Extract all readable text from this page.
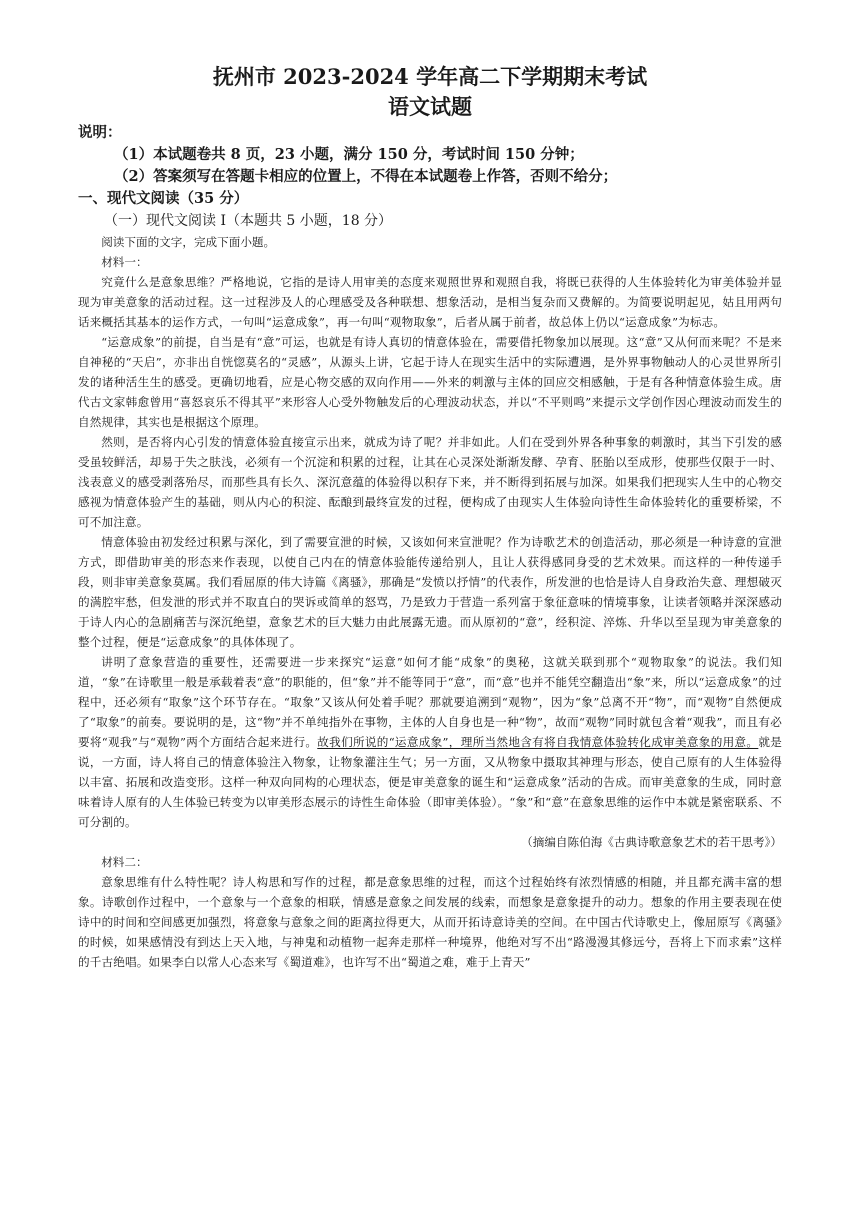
抚州市 2023-2024 学年高二下学期期末考试
语文试题

说明：

（1）本试题卷共 8 页，23 小题，满分 150 分，考试时间 150 分钟；

（2）答案须写在答题卡相应的位置上，不得在本试题卷上作答，否则不给分；

一、现代文阅读（35 分）

（一）现代文阅读 I（本题共 5 小题，18 分）

阅读下面的文字，完成下面小题。

材料一：

究竟什么是意象思维？严格地说，它指的是诗人用审美的态度来观照世界和观照自我，将既已获得的人生体验转化为审美体验并显现为审美意象的活动过程。这一过程涉及人的心理感受及各种联想、想象活动，是相当复杂而又费解的。为简要说明起见，姑且用两句话来概括其基本的运作方式，一句叫“运意成象”，再一句叫“观物取象”，后者从属于前者，故总体上仍以“运意成象”为标志。

“运意成象”的前提，自当是有“意”可运，也就是有诗人真切的情意体验在，需要借托物象加以展现。这“意”又从何而来呢？不是来自神秘的“天启”，亦非出自恍惚莫名的“灵感”，从源头上讲，它起于诗人在现实生活中的实际遭遇，是外界事物触动人的心灵世界所引发的诸种活生生的感受。更确切地看，应是心物交感的双向作用——外来的刺激与主体的回应交相感触，于是有各种情意体验生成。唐代古文家韩愈曾用“喜怒哀乐不得其平”来形容人心受外物触发后的心理波动状态，并以“不平则鸣”来提示文学创作因心理波动而发生的自然规律，其实也是根据这个原理。

然则，是否将内心引发的情意体验直接宣示出来，就成为诗了呢？并非如此。人们在受到外界各种事象的刺激时，其当下引发的感受虽较鲜活，却易于失之肤浅，必须有一个沉淀和积累的过程，让其在心灵深处渐渐发酵、孕育、胚胎以至成形，使那些仅限于一时、浅表意义的感受剥落殆尽，而那些具有长久、深沉意蕴的体验得以积存下来，并不断得到拓展与加深。如果我们把现实人生中的心物交感视为情意体验产生的基础，则从内心的积淀、酝酿到最终宣发的过程，便构成了由现实人生体验向诗性生命体验转化的重要桥梁，不可不加注意。

情意体验由初发经过积累与深化，到了需要宣泄的时候，又该如何来宣泄呢？作为诗歌艺术的创造活动，那必须是一种诗意的宣泄方式，即借助审美的形态来作表现，以使自己内在的情意体验能传递给别人，且让人获得感同身受的艺术效果。而这样的一种传递手段，则非审美意象莫属。我们看屈原的伟大诗篇《离骚》，那确是“发愤以抒情”的代表作，所发泄的也恰是诗人自身政治失意、理想破灭的满腔牢愁，但发泄的形式并不取直白的哭诉或简单的怒骂，乃是致力于营造一系列富于象征意味的情境事象，让读者领略并深深感动于诗人内心的急剧痛苦与深沉绝望，意象艺术的巨大魅力由此展露无遗。而从原初的“意”，经积淀、淬炼、升华以至呈现为审美意象的整个过程，便是“运意成象”的具体体现了。

讲明了意象营造的重要性，还需要进一步来探究“运意”如何才能“成象”的奥秘，这就关联到那个“观物取象”的说法。我们知道，“象”在诗歌里一般是承载着表“意”的职能的，但“象”并不能等同于“意”，而“意”也并不能凭空翻造出“象”来，所以“运意成象”的过程中，还必须有“取象”这个环节存在。“取象”又该从何处着手呢？那就要追溯到“观物”，因为“象”总离不开“物”，而“观物”自然便成了“取象”的前奏。要说明的是，这“物”并不单纯指外在事物，主体的人自身也是一种“物”，故而“观物”同时就包含着“观我”，而且有必要将“观我”与“观物”两个方面结合起来进行。故我们所说的“运意成象”，理所当然地含有将自我情意体验转化成审美意象的用意。就是说，一方面，诗人将自己的情意体验注入物象，让物象灌注生气；另一方面，又从物象中摄取其神理与形态，使自己原有的人生体验得以丰富、拓展和改造变形。这样一种双向同构的心理状态，便是审美意象的诞生和“运意成象”活动的告成。而审美意象的生成，同时意味着诗人原有的人生体验已转变为以审美形态展示的诗性生命体验（即审美体验）。“象”和“意”在意象思维的运作中本就是紧密联系、不可分割的。

（摘编自陈伯海《古典诗歌意象艺术的若干思考》）

材料二：

意象思维有什么特性呢？诗人构思和写作的过程，都是意象思维的过程，而这个过程始终有浓烈情感的相随，并且都充满丰富的想象。诗歌创作过程中，一个意象与一个意象的相联，情感是意象之间发展的线索，而想象是意象提升的动力。想象的作用主要表现在使诗中的时间和空间感更加强烈，将意象与意象之间的距离拉得更大，从而开拓诗意诗美的空间。在中国古代诗歌史上，像屈原写《离骚》的时候，如果感情没有到达上天入地，与神鬼和动植物一起奔走那样一种境界，他绝对写不出“路漫漫其修远兮，吾将上下而求索”这样的千古绝唱。如果李白以常人心态来写《蜀道难》，也许写不出“蜀道之难，难于上青天”
